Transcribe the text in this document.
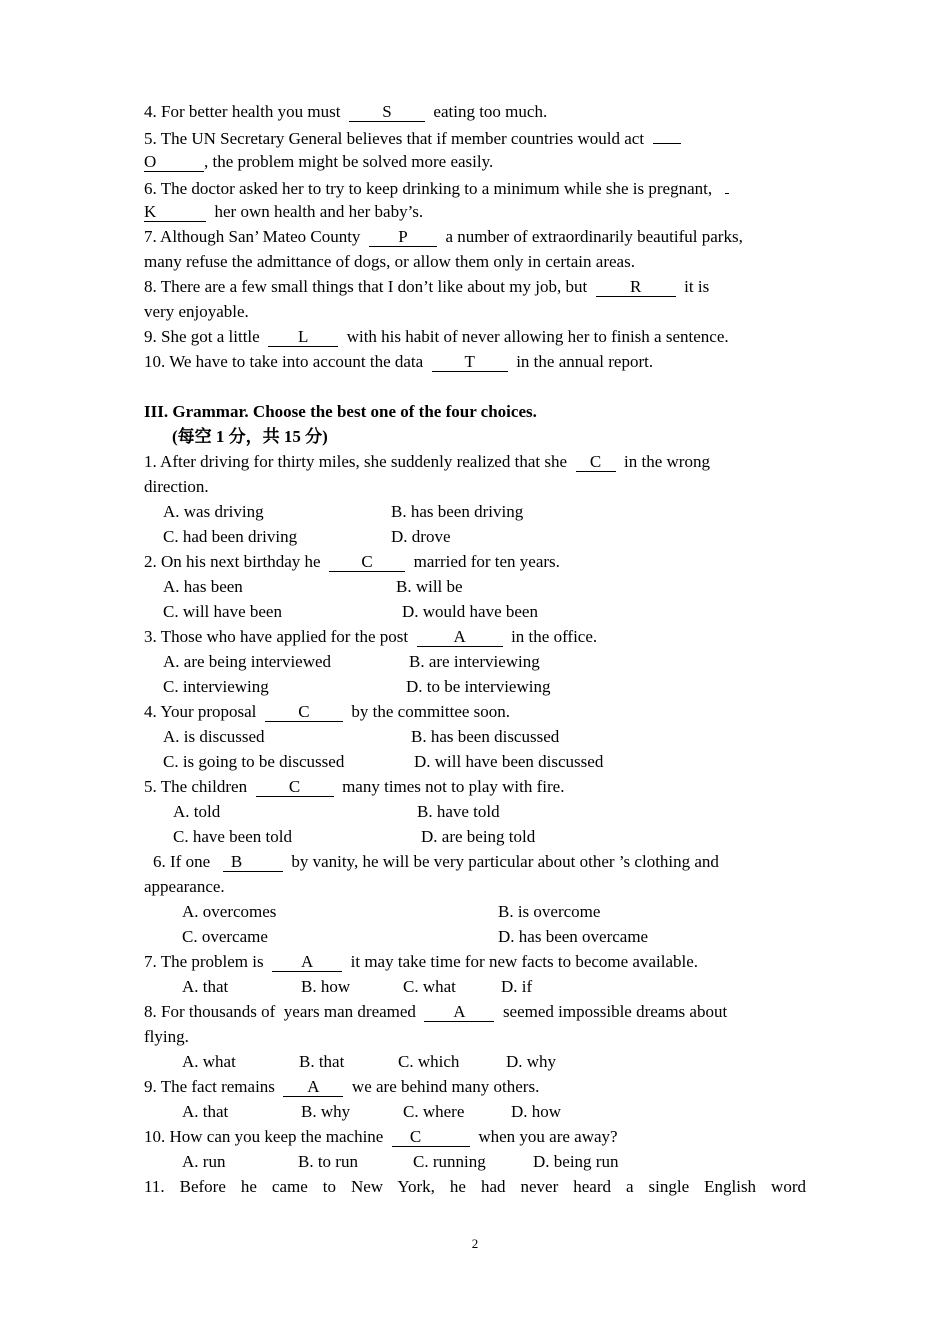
4. For better health you must S eating too much.
5. The UN Secretary General believes that if member countries would act
O	, the problem might be solved more easily.
6. The doctor asked her to try to keep drinking to a minimum while she is pregnant,
K	her own health and her baby’s.
7. Although San’ Mateo County P a number of extraordinarily beautiful parks,
many refuse the admittance of dogs, or allow them only in certain areas.
8. There are a few small things that I don’t like about my job, but	R	it is
very enjoyable.
9. She got a little L with his habit of never allowing her to finish a sentence.
10. We have to take into account the data T in the annual report.
III. Grammar. Choose the best one of the four choices.
(每空 1 分，共 15 分)
1. After driving for thirty miles, she suddenly realized that she C in the wrong
direction.
A. was driving	B. has been driving
C. had been driving	D. drove
2. On his next birthday he C married for ten years.
A. has been	B. will be
C. will have been	D. would have been
3. Those who have applied for the post	A	in the office.
A. are being interviewed	B. are interviewing
C. interviewing	D. to be interviewing
4. Your proposal C by the committee soon.
A. is discussed	B. has been discussed
C. is going to be discussed	D. will have been discussed
5. The children C many times not to play with fire.
A. told	B. have told
C. have been told	D. are being told
6. If one B	by vanity, he will be very particular about other ’s clothing and
appearance.
A. overcomes	B. is overcome
C. overcame	D. has been overcame
7. The problem is A it may take time for new facts to become available.
A. that	B. how	C. what	D. if
8. For thousands of  years man dreamed A seemed impossible dreams about
flying.
A. what	B. that	C. which	D. why
9. The fact remains A we are behind many others.
A. that	B. why	C. where	D. how
10. How can you keep the machine C	when you are away?
A. run	B. to run	C. running	D. being run
11. Before he came to New York, he had never heard a single English word
2
